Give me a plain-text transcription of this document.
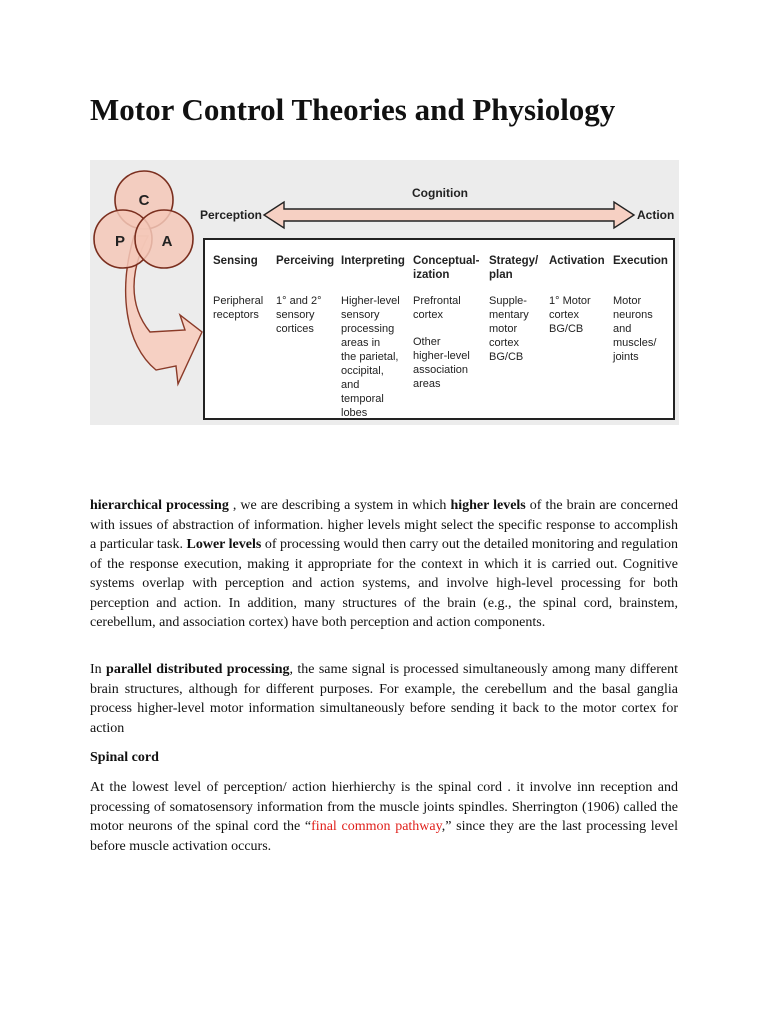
Motor Control Theories and Physiology
C
P A
Cognition
Perception	Action
Sensing
Peripheral
receptors
Perceiving
1° and 2°
sensory
cortices
Interpreting
Higher-level
sensory
processing
areas in
the parietal,
occipital,
and
temporal
lobes
Conceptual-
ization
Prefrontal
cortex
Other
higher-level
association
areas
Strategy/
plan
Supple-
mentary
motor
cortex
BG/CB
Activation
1° Motor
cortex
BG/CB
Execution
Motor
neurons
and
muscles/
joints

hierarchical processing , we are describing a system in which higher levels of the brain are concerned with issues of abstraction of information. higher levels might select the specific response to accomplish a particular task. Lower levels of processing would then carry out the detailed monitoring and regulation of the response execution, making it appropriate for the context in which it is carried out. Cognitive systems overlap with perception and action systems, and involve high-level processing for both perception and action. In addition, many structures of the brain (e.g., the spinal cord, brainstem, cerebellum, and association cortex) have both perception and action components.

In parallel distributed processing, the same signal is processed simultaneously among many different brain structures, although for different purposes. For example, the cerebellum and the basal ganglia process higher-level motor information simultaneously before sending it back to the motor cortex for action

Spinal cord

At the lowest level of perception/ action hierhierchy is the spinal cord . it involve inn reception and processing of somatosensory information from the muscle joints spindles. Sherrington (1906) called the motor neurons of the spinal cord the “final common pathway,” since they are the last processing level before muscle activation occurs.
